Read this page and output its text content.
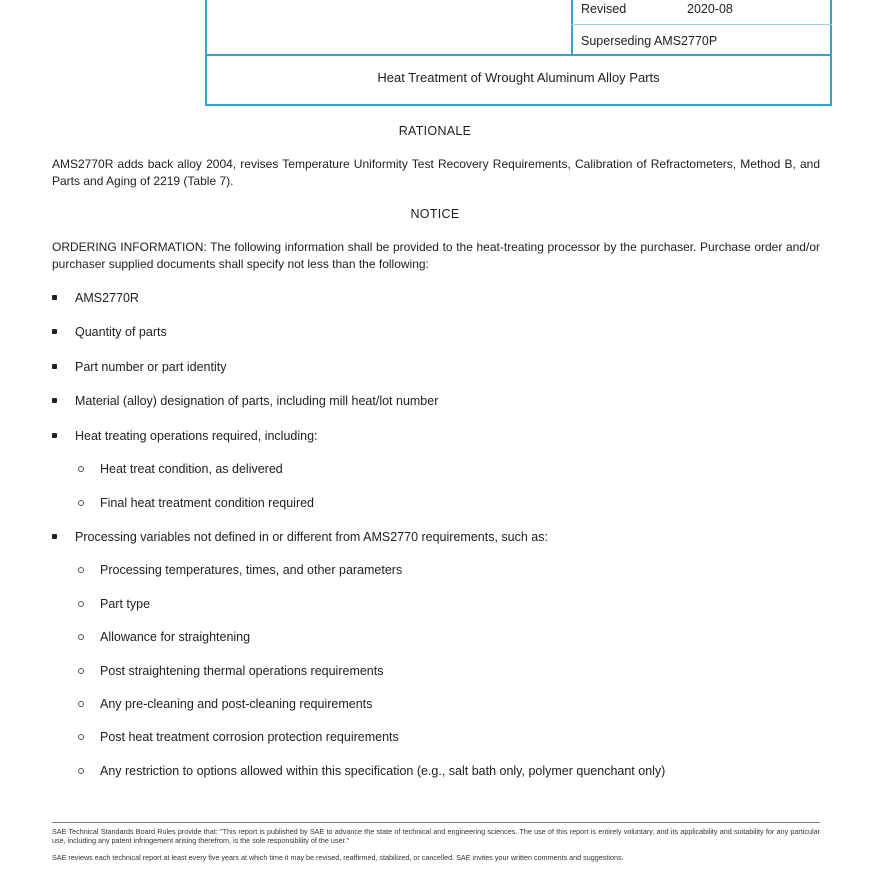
Revised	2020-08
Superseding AMS2770P
Heat Treatment of Wrought Aluminum Alloy Parts
RATIONALE
AMS2770R adds back alloy 2004, revises Temperature Uniformity Test Recovery Requirements, Calibration of Refractometers, Method B, and Parts and Aging of 2219 (Table 7).
NOTICE
ORDERING INFORMATION: The following information shall be provided to the heat-treating processor by the purchaser. Purchase order and/or purchaser supplied documents shall specify not less than the following:
AMS2770R
Quantity of parts
Part number or part identity
Material (alloy) designation of parts, including mill heat/lot number
Heat treating operations required, including:
Heat treat condition, as delivered
Final heat treatment condition required
Processing variables not defined in or different from AMS2770 requirements, such as:
Processing temperatures, times, and other parameters
Part type
Allowance for straightening
Post straightening thermal operations requirements
Any pre-cleaning and post-cleaning requirements
Post heat treatment corrosion protection requirements
Any restriction to options allowed within this specification (e.g., salt bath only, polymer quenchant only)
SAE Technical Standards Board Rules provide that: "This report is published by SAE to advance the state of technical and engineering sciences. The use of this report is entirely voluntary, and its applicability and suitability for any particular use, including any patent infringement arising therefrom, is the sole responsibility of the user."
SAE reviews each technical report at least every five years at which time it may be revised, reaffirmed, stabilized, or cancelled. SAE invites your written comments and suggestions.
